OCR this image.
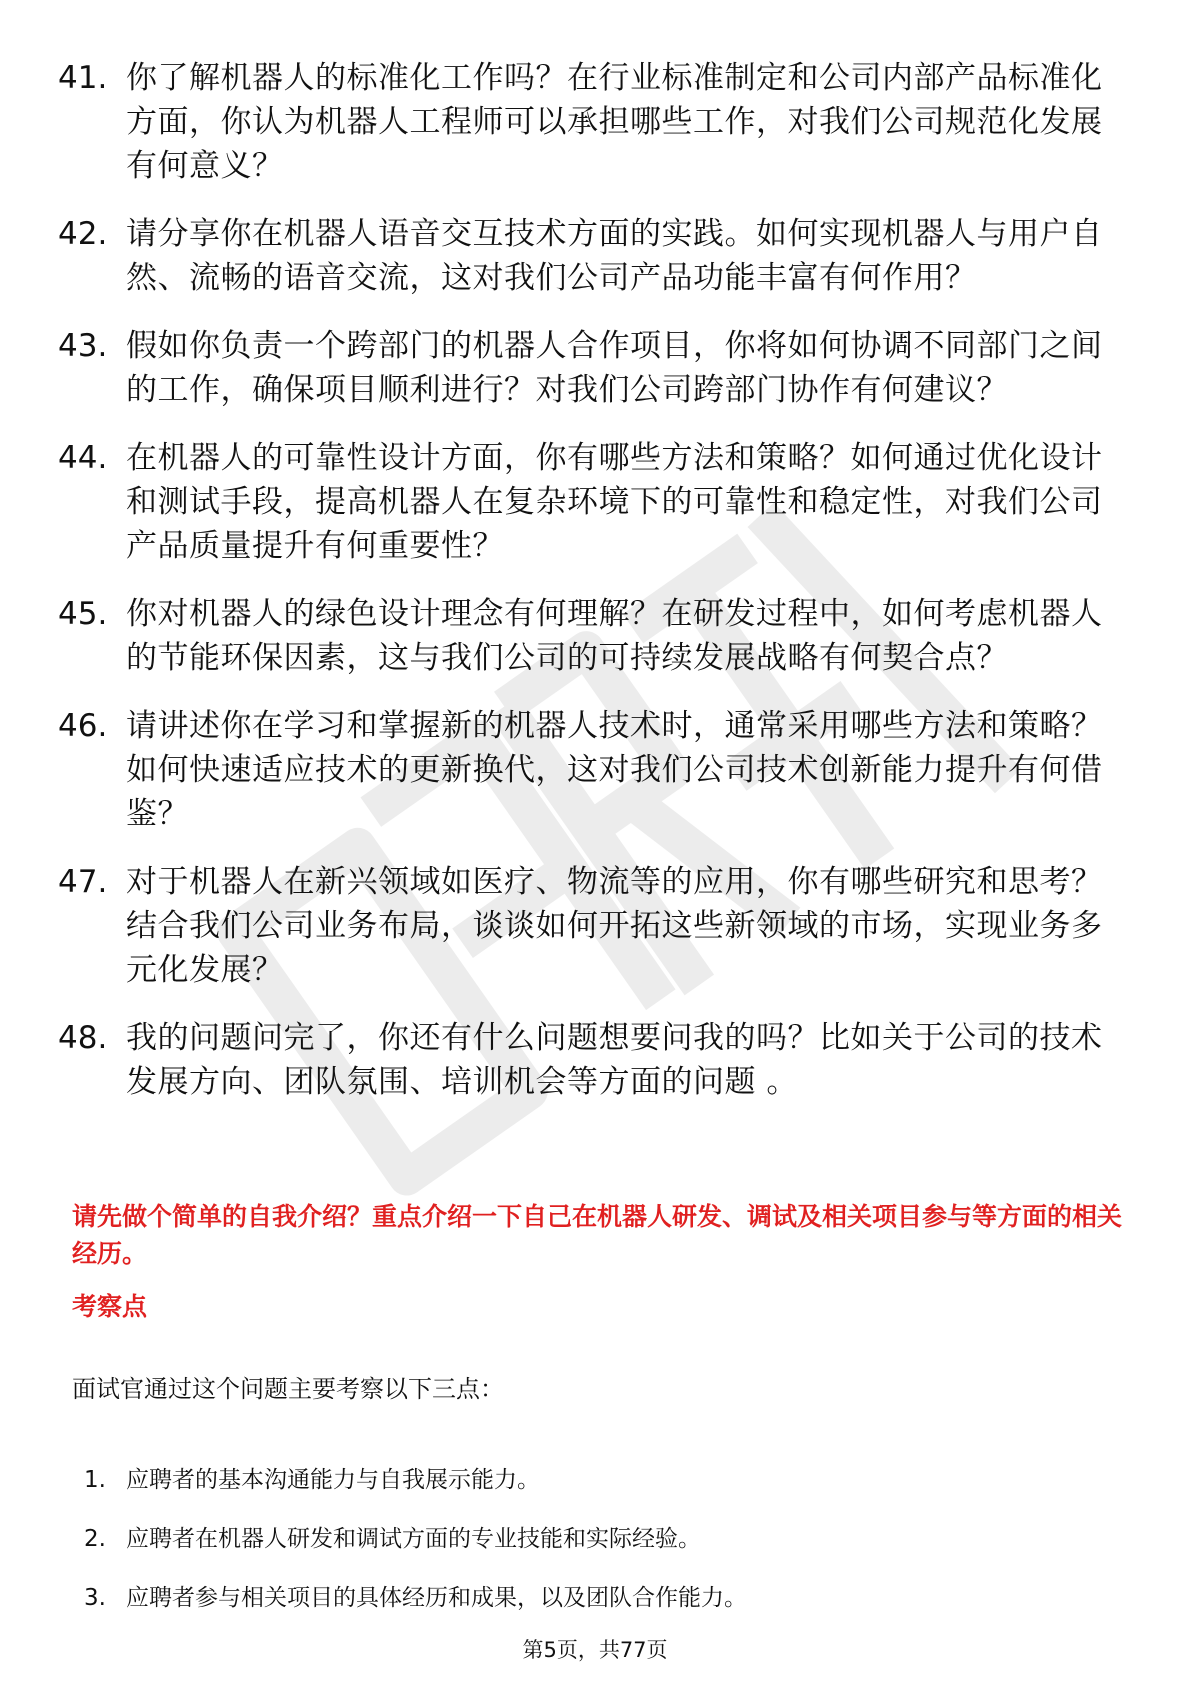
41. 你了解机器人的标准化工作吗？在行业标准制定和公司内部产品标准化方面，你认为机器人工程师可以承担哪些工作，对我们公司规范化发展有何意义？
42. 请分享你在机器人语音交互技术方面的实践。如何实现机器人与用户自然、流畅的语音交流，这对我们公司产品功能丰富有何作用？
43. 假如你负责一个跨部门的机器人合作项目，你将如何协调不同部门之间的工作，确保项目顺利进行？对我们公司跨部门协作有何建议？
44. 在机器人的可靠性设计方面，你有哪些方法和策略？如何通过优化设计和测试手段，提高机器人在复杂环境下的可靠性和稳定性，对我们公司产品质量提升有何重要性？
45. 你对机器人的绿色设计理念有何理解？在研发过程中，如何考虑机器人的节能环保因素，这与我们公司的可持续发展战略有何契合点？
46. 请讲述你在学习和掌握新的机器人技术时，通常采用哪些方法和策略？如何快速适应技术的更新换代，这对我们公司技术创新能力提升有何借鉴？
47. 对于机器人在新兴领域如医疗、物流等的应用，你有哪些研究和思考？结合我们公司业务布局，谈谈如何开拓这些新领域的市场，实现业务多元化发展？
48. 我的问题问完了，你还有什么问题想要问我的吗？比如关于公司的技术发展方向、团队氛围、培训机会等方面的问题 。
请先做个简单的自我介绍？重点介绍一下自己在机器人研发、调试及相关项目参与等方面的相关经历。
考察点
面试官通过这个问题主要考察以下三点：
1. 应聘者的基本沟通能力与自我展示能力。
2. 应聘者在机器人研发和调试方面的专业技能和实际经验。
3. 应聘者参与相关项目的具体经历和成果，以及团队合作能力。
第5页，共77页
